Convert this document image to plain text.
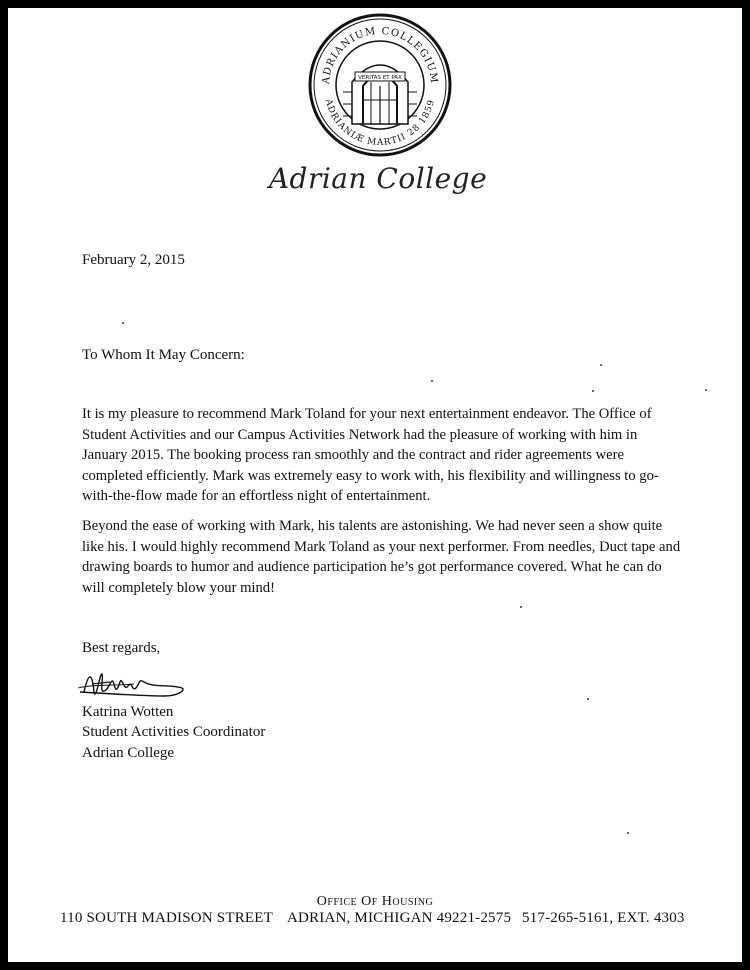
ADRIANIUM COLLEGIUM
ADRIANIÆ MARTII 28 1859
VERITAS ET PAX
Adrian College
February 2, 2015
To Whom It May Concern:

It is my pleasure to recommend Mark Toland for your next entertainment endeavor. The Office of Student Activities and our Campus Activities Network had the pleasure of working with him in January 2015. The booking process ran smoothly and the contract and rider agreements were completed efficiently. Mark was extremely easy to work with, his flexibility and willingness to go-with-the-flow made for an effortless night of entertainment.

Beyond the ease of working with Mark, his talents are astonishing. We had never seen a show quite like his. I would highly recommend Mark Toland as your next performer. From needles, Duct tape and drawing boards to humor and audience participation he’s got performance covered. What he can do will completely blow your mind!

Best regards,
Katrina Wotten
Student Activities Coordinator
Adrian College
Office Of Housing
110 SOUTH MADISON STREET ADRIAN, MICHIGAN 49221-2575 517-265-5161, EXT. 4303
